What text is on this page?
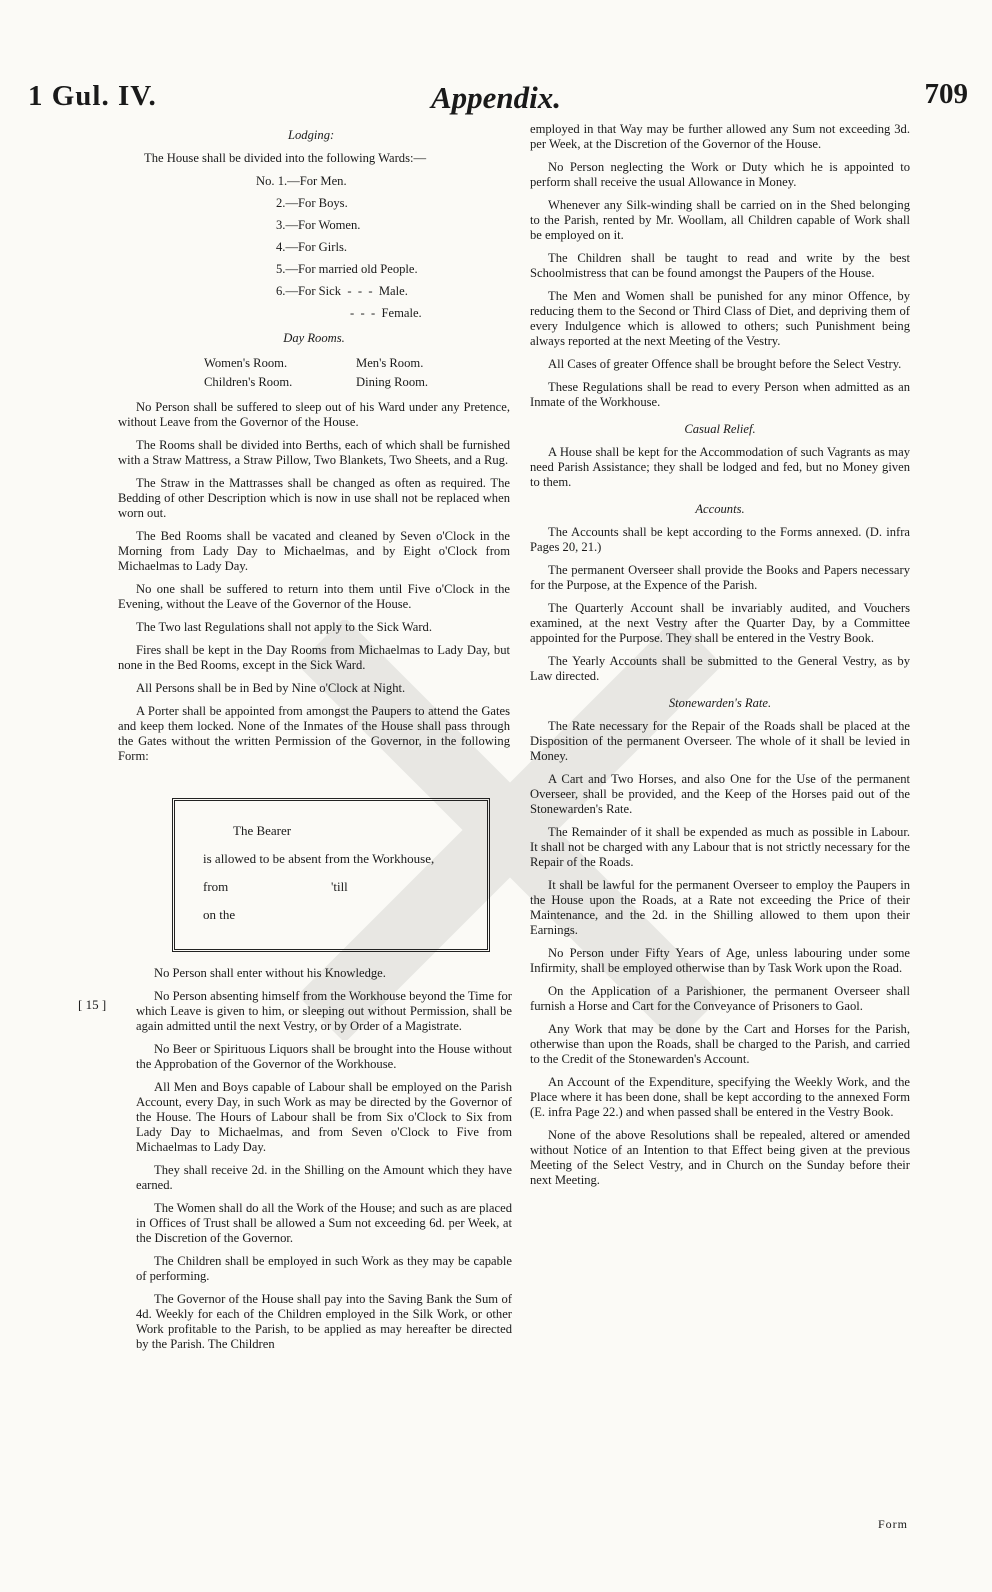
1 Gul. IV.	Appendix.	709
Lodging:
The House shall be divided into the following Wards:—
No. 1.—For Men.
2.—For Boys.
3.—For Women.
4.—For Girls.
5.—For married old People.
6.—For Sick  -  -  -  Male.
-  -  -  Female.
Day Rooms.
Women's Room.	Men's Room.
Children's Room.	Dining Room.

No Person shall be suffered to sleep out of his Ward under any Pretence, without Leave from the Governor of the House.

The Rooms shall be divided into Berths, each of which shall be furnished with a Straw Mattress, a Straw Pillow, Two Blankets, Two Sheets, and a Rug.

The Straw in the Mattrasses shall be changed as often as required. The Bedding of other Description which is now in use shall not be replaced when worn out.

The Bed Rooms shall be vacated and cleaned by Seven o'Clock in the Morning from Lady Day to Michaelmas, and by Eight o'Clock from Michaelmas to Lady Day.

No one shall be suffered to return into them until Five o'Clock in the Evening, without the Leave of the Governor of the House.

The Two last Regulations shall not apply to the Sick Ward.

Fires shall be kept in the Day Rooms from Michaelmas to Lady Day, but none in the Bed Rooms, except in the Sick Ward.

All Persons shall be in Bed by Nine o'Clock at Night.

A Porter shall be appointed from amongst the Paupers to attend the Gates and keep them locked. None of the Inmates of the House shall pass through the Gates without the written Permission of the Governor, in the following Form:

The Bearer
is allowed to be absent from the Workhouse,
from	'till
on the
[ 15 ]

No Person shall enter without his Knowledge.

No Person absenting himself from the Workhouse beyond the Time for which Leave is given to him, or sleeping out without Permission, shall be again admitted until the next Vestry, or by Order of a Magistrate.

No Beer or Spirituous Liquors shall be brought into the House without the Approbation of the Governor of the Workhouse.

All Men and Boys capable of Labour shall be employed on the Parish Account, every Day, in such Work as may be directed by the Governor of the House. The Hours of Labour shall be from Six o'Clock to Six from Lady Day to Michaelmas, and from Seven o'Clock to Five from Michaelmas to Lady Day.

They shall receive 2d. in the Shilling on the Amount which they have earned.

The Women shall do all the Work of the House; and such as are placed in Offices of Trust shall be allowed a Sum not exceeding 6d. per Week, at the Discretion of the Governor.

The Children shall be employed in such Work as they may be capable of performing.

The Governor of the House shall pay into the Saving Bank the Sum of 4d. Weekly for each of the Children employed in the Silk Work, or other Work profitable to the Parish, to be applied as may hereafter be directed by the Parish. The Children

employed in that Way may be further allowed any Sum not exceeding 3d. per Week, at the Discretion of the Governor of the House.

No Person neglecting the Work or Duty which he is appointed to perform shall receive the usual Allowance in Money.

Whenever any Silk-winding shall be carried on in the Shed belonging to the Parish, rented by Mr. Woollam, all Children capable of Work shall be employed on it.

The Children shall be taught to read and write by the best Schoolmistress that can be found amongst the Paupers of the House.

The Men and Women shall be punished for any minor Offence, by reducing them to the Second or Third Class of Diet, and depriving them of every Indulgence which is allowed to others; such Punishment being always reported at the next Meeting of the Vestry.

All Cases of greater Offence shall be brought before the Select Vestry.

These Regulations shall be read to every Person when admitted as an Inmate of the Workhouse.

Casual Relief.

A House shall be kept for the Accommodation of such Vagrants as may need Parish Assistance; they shall be lodged and fed, but no Money given to them.

Accounts.

The Accounts shall be kept according to the Forms annexed. (D. infra Pages 20, 21.)

The permanent Overseer shall provide the Books and Papers necessary for the Purpose, at the Expence of the Parish.

The Quarterly Account shall be invariably audited, and Vouchers examined, at the next Vestry after the Quarter Day, by a Committee appointed for the Purpose. They shall be entered in the Vestry Book.

The Yearly Accounts shall be submitted to the General Vestry, as by Law directed.

Stonewarden's Rate.

The Rate necessary for the Repair of the Roads shall be placed at the Disposition of the permanent Overseer. The whole of it shall be levied in Money.

A Cart and Two Horses, and also One for the Use of the permanent Overseer, shall be provided, and the Keep of the Horses paid out of the Stonewarden's Rate.

The Remainder of it shall be expended as much as possible in Labour. It shall not be charged with any Labour that is not strictly necessary for the Repair of the Roads.

It shall be lawful for the permanent Overseer to employ the Paupers in the House upon the Roads, at a Rate not exceeding the Price of their Maintenance, and the 2d. in the Shilling allowed to them upon their Earnings.

No Person under Fifty Years of Age, unless labouring under some Infirmity, shall be employed otherwise than by Task Work upon the Road.

On the Application of a Parishioner, the permanent Overseer shall furnish a Horse and Cart for the Conveyance of Prisoners to Gaol.

Any Work that may be done by the Cart and Horses for the Parish, otherwise than upon the Roads, shall be charged to the Parish, and carried to the Credit of the Stonewarden's Account.

An Account of the Expenditure, specifying the Weekly Work, and the Place where it has been done, shall be kept according to the annexed Form (E. infra Page 22.) and when passed shall be entered in the Vestry Book.

None of the above Resolutions shall be repealed, altered or amended without Notice of an Intention to that Effect being given at the previous Meeting of the Select Vestry, and in Church on the Sunday before their next Meeting.

Form
